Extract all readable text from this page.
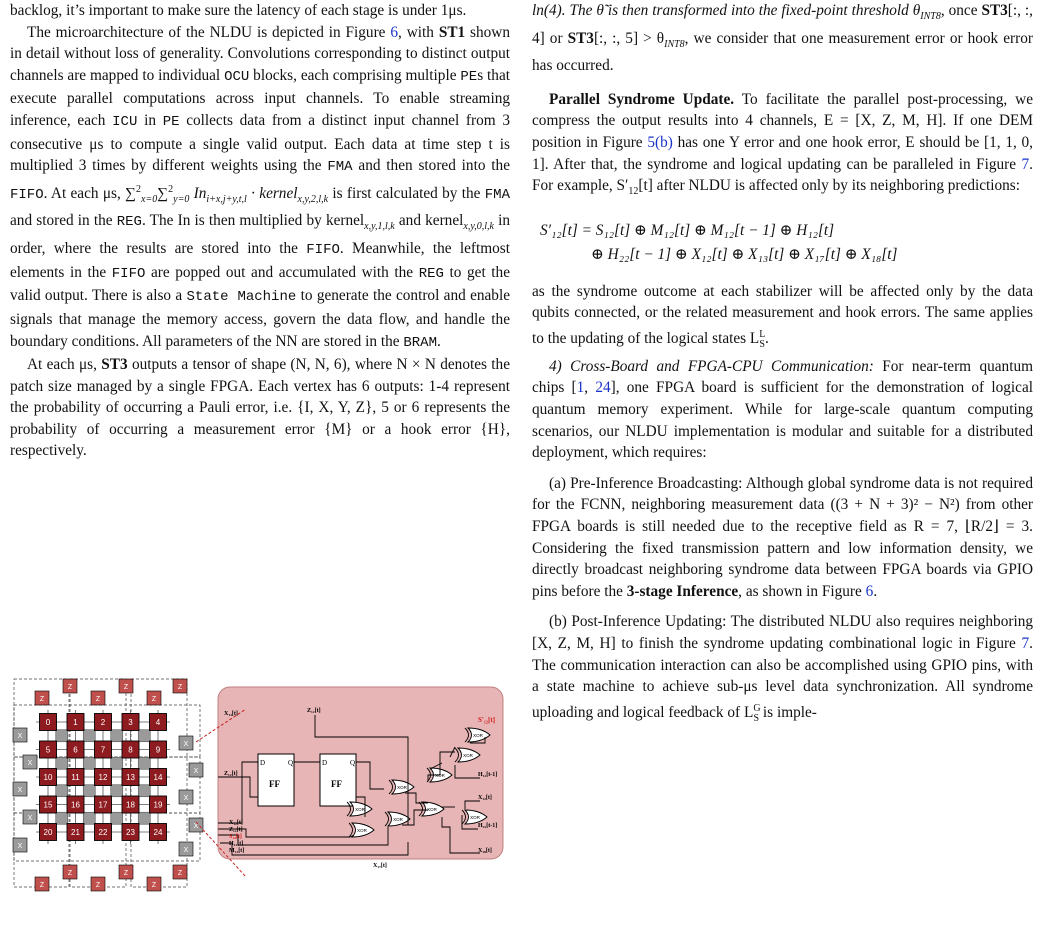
backlog, it’s important to make sure the latency of each stage is under 1μs.

The microarchitecture of the NLDU is depicted in Figure 6, with ST1 shown in detail without loss of generality. Convolutions corresponding to distinct output channels are mapped to individual OCU blocks, each comprising multiple PEs that execute parallel computations across input channels. To enable streaming inference, each ICU in PE collects data from a distinct input channel from 3 consecutive μs to compute a single valid output. Each data at time step t is multiplied 3 times by different weights using the FMA and then stored into the FIFO. At each μs, ∑$^2_{x=0}$∑$^2_{y=0}$ $In_{i+x,j+y,t,l}$ · kernel$_{x,y,2,l,k}$ is first calculated by the FMA and stored in the REG. The In is then multiplied by kernel$_{x,y,1,l,k}$ and kernel$_{x,y,0,l,k}$ in order, where the results are stored into the FIFO. Meanwhile, the leftmost elements in the FIFO are popped out and accumulated with the REG to get the valid output. There is also a State Machine to generate the control and enable signals that manage the memory access, govern the data flow, and handle the boundary conditions. All parameters of the NN are stored in the BRAM.

At each μs, ST3 outputs a tensor of shape (N, N, 6), where N × N denotes the patch size managed by a single FPGA. Each vertex has 6 outputs: 1-4 represent the probability of occurring a Pauli error, i.e. {I, X, Y, Z}, 5 or 6 represents the probability of occurring a measurement error {M} or a hook error {H}, respectively.

0	1	2	3	4
5	6	7	8	9
10 11 12 13 14
15 16 17 18 19
20 21 22 23 24
Z
Z
Z
Z
Z
Z
Z
Z
Z
Z
Z
Z
X
X
X
X
X
X
X
X
X
X
D	Q
FF
D	Q
FF
XOR
XOR
XOR
XOR
XOR
XOR
XOR
XOR
XOR
S'₁₂[t]
Z₁₂[t]
X₁₃[t]
Z₁₂[t]	H₁₂[t-1]
X₁₂[t]
H₂₂[t-1]
X₁₈[t]
X₁₇[t]
X₁₂[t]
Z₁₂[t]
S₁₂[t]
H₁₂[t]
M₁₂[t]

ln(4). The θ̃ is then transformed into the fixed-point threshold $\theta_{INT8}$, once ST3[:, :, 4] or ST3[:, :, $5] > \theta_{INT8}$, we consider that one measurement error or hook error has occurred.

Parallel Syndrome Update. To facilitate the parallel post-processing, we compress the output results into 4 channels, E = [X, Z, M, H]. If one DEM position in Figure 5(b) has one Y error and one hook error, E should be [1, 1, 0, 1]. After that, the syndrome and logical updating can be paralleled in Figure 7. For example, $S'_{12}[t]$ after NLDU is affected only by its neighboring predictions:

S′₁₂[t] = S₁₂[t] ⊕ M₁₂[t] ⊕ M₁₂[t − 1] ⊕ H₁₂[t]
⊕ H₂₂[t − 1] ⊕ X₁₂[t] ⊕ X₁₃[t] ⊕ X₁₇[t] ⊕ X₁₈[t]

as the syndrome outcome at each stabilizer will be affected only by the data qubits connected, or the related measurement and hook errors. The same applies to the updating of the logical states $L^L_S$.

4) Cross-Board and FPGA-CPU Communication: For near-term quantum chips [1, 24], one FPGA board is sufficient for the demonstration of logical quantum memory experiment. While for large-scale quantum computing scenarios, our NLDU implementation is modular and suitable for a distributed deployment, which requires:

(a) Pre-Inference Broadcasting: Although global syndrome data is not required for the FCNN, neighboring measurement data ((3 + N + 3)² − N²) from other FPGA boards is still needed due to the receptive field as R = 7, ⌊R/2⌋ = 3. Considering the fixed transmission pattern and low information density, we directly broadcast neighboring syndrome data between FPGA boards via GPIO pins before the 3-stage Inference, as shown in Figure 6.

(b) Post-Inference Updating: The distributed NLDU also requires neighboring [X, Z, M, H] to finish the syndrome updating combinational logic in Figure 7. The communication interaction can also be accomplished using GPIO pins, with a state machine to achieve sub-μs level data synchronization. All syndrome uploading and logical feedback of $L^G_S$ is imple-
